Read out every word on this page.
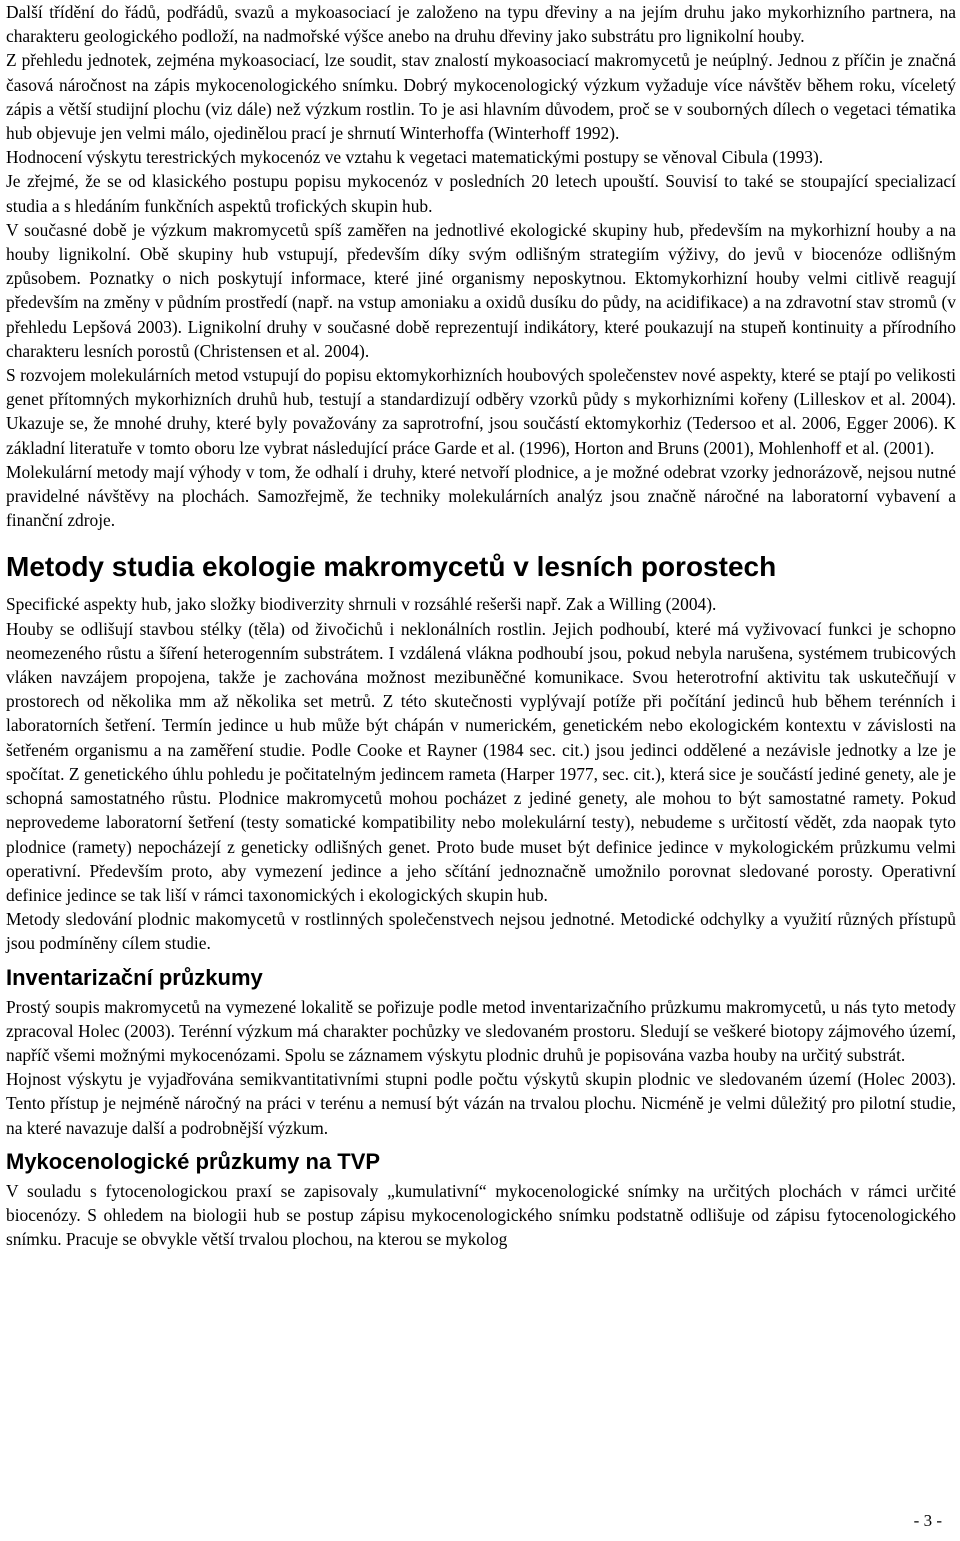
Další třídění do řádů, podřádů, svazů a mykoasociací je založeno na typu dřeviny a na jejím druhu jako mykorhizního partnera, na charakteru geologického podloží, na nadmořské výšce anebo na druhu dřeviny jako substrátu pro lignikolní houby.

Z přehledu jednotek, zejména mykoasociací, lze soudit, stav znalostí mykoasociací makromycetů je neúplný. Jednou z příčin je značná časová náročnost na zápis mykocenologického snímku. Dobrý mykocenologický výzkum vyžaduje více návštěv během roku, víceletý zápis a větší studijní plochu (viz dále) než výzkum rostlin. To je asi hlavním důvodem, proč se v souborných dílech o vegetaci tématika hub objevuje jen velmi málo, ojedinělou prací je shrnutí Winterhoffa (Winterhoff 1992).

Hodnocení výskytu terestrických mykocenóz ve vztahu k vegetaci matematickými postupy se věnoval Cibula (1993).

Je zřejmé, že se od klasického postupu popisu mykocenóz v posledních 20 letech upouští. Souvisí to také se stoupající specializací studia a s hledáním funkčních aspektů trofických skupin hub.

V současné době je výzkum makromycetů spíš zaměřen na jednotlivé ekologické skupiny hub, především na mykorhizní houby a na houby lignikolní. Obě skupiny hub vstupují, především díky svým odlišným strategiím výživy, do jevů v biocenóze odlišným způsobem. Poznatky o nich poskytují informace, které jiné organismy neposkytnou. Ektomykorhizní houby velmi citlivě reagují především na změny v půdním prostředí (např. na vstup amoniaku a oxidů dusíku do půdy, na acidifikace) a na zdravotní stav stromů (v přehledu Lepšová 2003). Lignikolní druhy v současné době reprezentují indikátory, které poukazují na stupeň kontinuity a přírodního charakteru lesních porostů (Christensen et al. 2004).

S rozvojem molekulárních metod vstupují do popisu ektomykorhizních houbových společenstev nové aspekty, které se ptají po velikosti genet přítomných mykorhizních druhů hub, testují a standardizují odběry vzorků půdy s mykorhizními kořeny (Lilleskov et al. 2004). Ukazuje se, že mnohé druhy, které byly považovány za saprotrofní, jsou součástí ektomykorhiz (Tedersoo et al. 2006, Egger 2006). K základní literatuře v tomto oboru lze vybrat následující práce Garde et al. (1996), Horton and Bruns (2001), Mohlenhoff et al. (2001).

Molekulární metody mají výhody v tom, že odhalí i druhy, které netvoří plodnice, a je možné odebrat vzorky jednorázově, nejsou nutné pravidelné návštěvy na plochách. Samozřejmě, že techniky molekulárních analýz jsou značně náročné na laboratorní vybavení a finanční zdroje.

Metody studia ekologie makromycetů v lesních porostech

Specifické aspekty hub, jako složky biodiverzity shrnuli v rozsáhlé rešerši např. Zak a Willing (2004).

Houby se odlišují stavbou stélky (těla) od živočichů i neklonálních rostlin. Jejich podhoubí, které má vyživovací funkci je schopno neomezeného růstu a šíření heterogenním substrátem. I vzdálená vlákna podhoubí jsou, pokud nebyla narušena, systémem trubicových vláken navzájem propojena, takže je zachována možnost mezibuněčné komunikace. Svou heterotrofní aktivitu tak uskutečňují v prostorech od několika mm až několika set metrů. Z této skutečnosti vyplývají potíže při počítání jedinců hub během terénních i laboratorních šetření. Termín jedince u hub může být chápán v numerickém, genetickém nebo ekologickém kontextu v závislosti na šetřeném organismu a na zaměření studie. Podle Cooke et Rayner (1984 sec. cit.) jsou jedinci oddělené a nezávisle jednotky a lze je spočítat. Z genetického úhlu pohledu je počitatelným jedincem rameta (Harper 1977, sec. cit.), která sice je součástí jediné genety, ale je schopná samostatného růstu. Plodnice makromycetů mohou pocházet z jediné genety, ale mohou to být samostatné ramety. Pokud neprovedeme laboratorní šetření (testy somatické kompatibility nebo molekulární testy), nebudeme s určitostí vědět, zda naopak tyto plodnice (ramety) nepocházejí z geneticky odlišných genet. Proto bude muset být definice jedince v mykologickém průzkumu velmi operativní. Především proto, aby vymezení jedince a jeho sčítání jednoznačně umožnilo porovnat sledované porosty. Operativní definice jedince se tak liší v rámci taxonomických i ekologických skupin hub.

Metody sledování plodnic makomycetů v rostlinných společenstvech nejsou jednotné. Metodické odchylky a využití různých přístupů jsou podmíněny cílem studie.

Inventarizační průzkumy

Prostý soupis makromycetů na vymezené lokalitě se pořizuje podle metod inventarizačního průzkumu makromycetů, u nás tyto metody zpracoval Holec (2003). Terénní výzkum má charakter pochůzky ve sledovaném prostoru. Sledují se veškeré biotopy zájmového území, napříč všemi možnými mykocenózami. Spolu se záznamem výskytu plodnic druhů je popisována vazba houby na určitý substrát.

Hojnost výskytu je vyjadřována semikvantitativními stupni podle počtu výskytů skupin plodnic ve sledovaném území (Holec 2003). Tento přístup je nejméně náročný na práci v terénu a nemusí být vázán na trvalou plochu. Nicméně je velmi důležitý pro pilotní studie, na které navazuje další a podrobnější výzkum.

Mykocenologické průzkumy na TVP

V souladu s fytocenologickou praxí se zapisovaly „kumulativní“ mykocenologické snímky na určitých plochách v rámci určité biocenózy. S ohledem na biologii hub se postup zápisu mykocenologického snímku podstatně odlišuje od zápisu fytocenologického snímku. Pracuje se obvykle větší trvalou plochou, na kterou se mykolog

- 3 -
